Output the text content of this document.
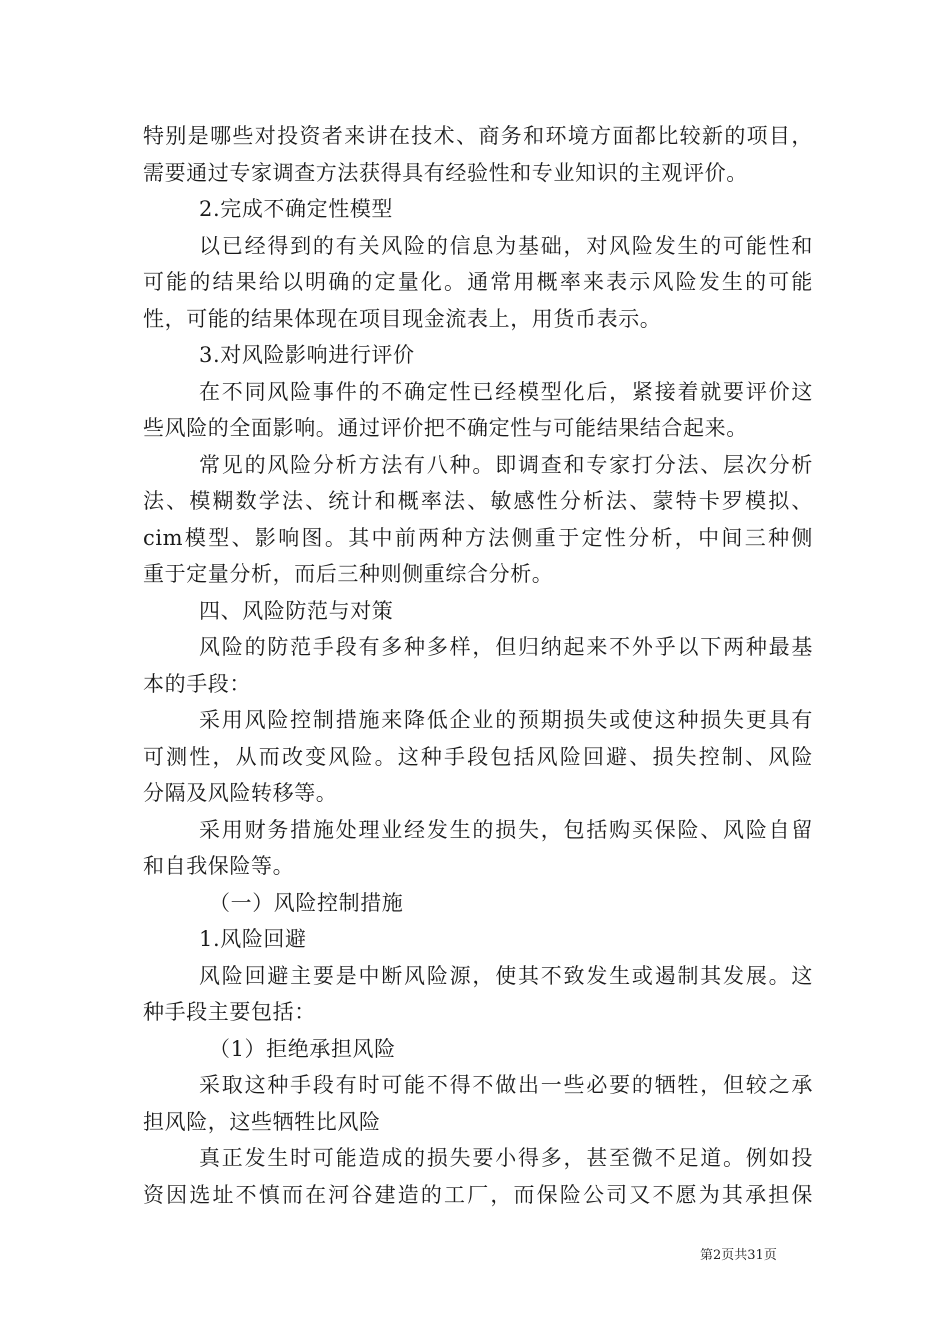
特别是哪些对投资者来讲在技术、商务和环境方面都比较新的项目，
需要通过专家调查方法获得具有经验性和专业知识的主观评价。
2.完成不确定性模型
以已经得到的有关风险的信息为基础，对风险发生的可能性和
可能的结果给以明确的定量化。通常用概率来表示风险发生的可能
性，可能的结果体现在项目现金流表上，用货币表示。
3.对风险影响进行评价
在不同风险事件的不确定性已经模型化后，紧接着就要评价这
些风险的全面影响。通过评价把不确定性与可能结果结合起来。
常见的风险分析方法有八种。即调查和专家打分法、层次分析
法、模糊数学法、统计和概率法、敏感性分析法、蒙特卡罗模拟、
cim模型、影响图。其中前两种方法侧重于定性分析，中间三种侧
重于定量分析，而后三种则侧重综合分析。
四、风险防范与对策
风险的防范手段有多种多样，但归纳起来不外乎以下两种最基
本的手段：
采用风险控制措施来降低企业的预期损失或使这种损失更具有
可测性，从而改变风险。这种手段包括风险回避、损失控制、风险
分隔及风险转移等。
采用财务措施处理业经发生的损失，包括购买保险、风险自留
和自我保险等。
（一）风险控制措施
1.风险回避
风险回避主要是中断风险源，使其不致发生或遏制其发展。这
种手段主要包括：
（1）拒绝承担风险
采取这种手段有时可能不得不做出一些必要的牺牲，但较之承
担风险，这些牺牲比风险
真正发生时可能造成的损失要小得多，甚至微不足道。例如投
资因选址不慎而在河谷建造的工厂，而保险公司又不愿为其承担保
第2页共31页
